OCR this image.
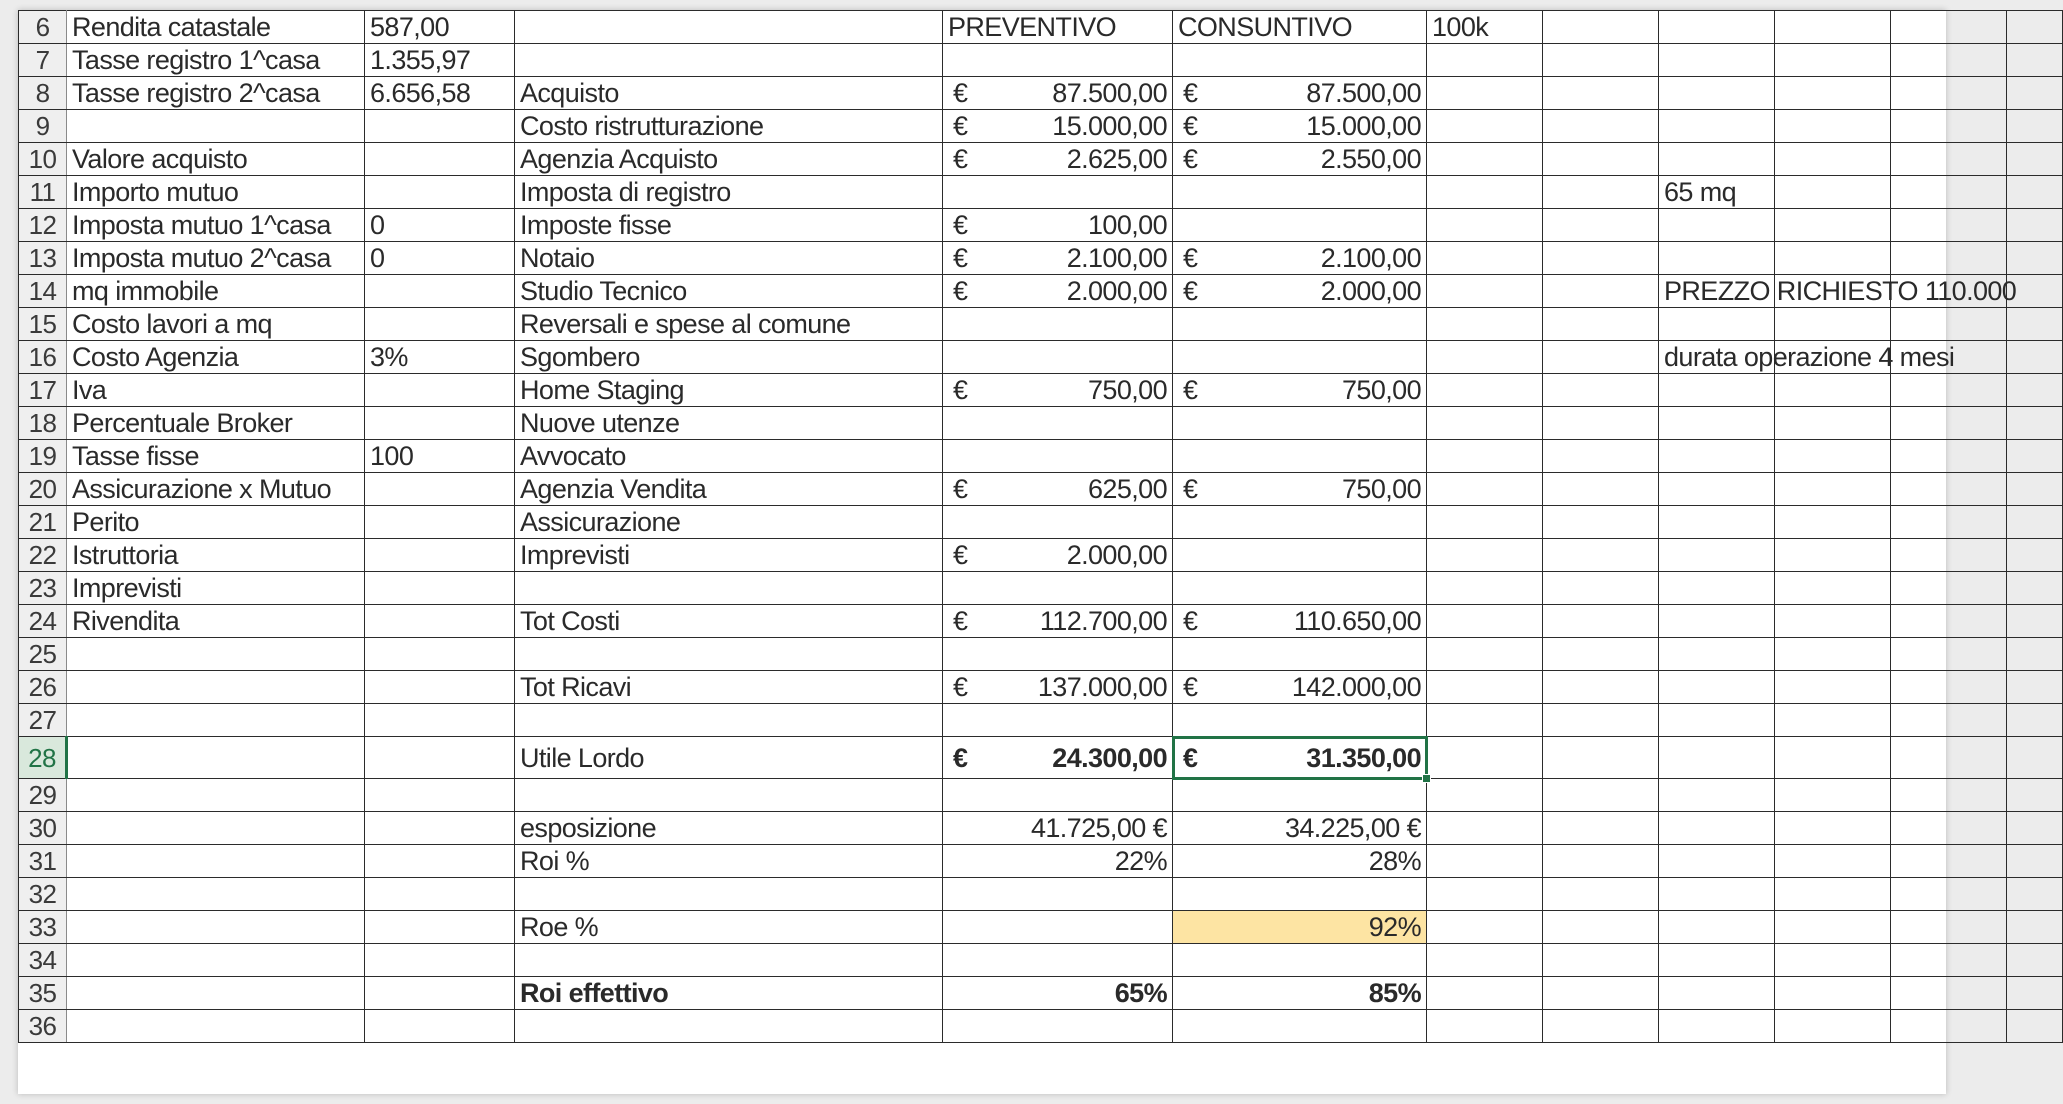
6	Rendita catastale	587,00		PREVENTIVO	CONSUNTIVO	100k						
7	Tasse registro 1^casa	1.355,97										
8	Tasse registro 2^casa	6.656,58	Acquisto	€ 87.500,00	€ 87.500,00							

9			Costo ristrutturazione	€ 15.000,00	€ 15.000,00							

10	Valore acquisto		Agenzia Acquisto	€ 2.625,00	€ 2.550,00							

11	Importo mutuo		Imposta di registro					65 mq				
12	Imposta mutuo 1^casa	0	Imposte fisse	€ 100,00								

13	Imposta mutuo 2^casa	0	Notaio	€ 2.100,00	€ 2.100,00							

14	mq immobile		Studio Tecnico	€ 2.000,00	€ 2.000,00			PREZZO RICHIESTO 110.000				
15	Costo lavori a mq		Reversali e spese al comune									
16	Costo Agenzia	3%	Sgombero					durata operazione 4 mesi				
17	Iva		Home Staging	€ 750,00	€ 750,00							

18	Percentuale Broker		Nuove utenze									
19	Tasse fisse	100	Avvocato									
20	Assicurazione x Mutuo		Agenzia Vendita	€ 625,00	€ 750,00							

21	Perito		Assicurazione									
22	Istruttoria		Imprevisti	€ 2.000,00								

23	Imprevisti											
24	Rivendita		Tot Costi	€ 112.700,00	€ 110.650,00							

25												
26			Tot Ricavi	€ 137.000,00	€ 142.000,00							

27												
28			Utile Lordo	€ 24.300,00	€ 31.350,00							

29												
30			esposizione	41.725,00 €	34.225,00 €							
31			Roi %	22%	28%							
32												
33			Roe %		92%							
34												
35			Roi effettivo	65%	85%							
36												
